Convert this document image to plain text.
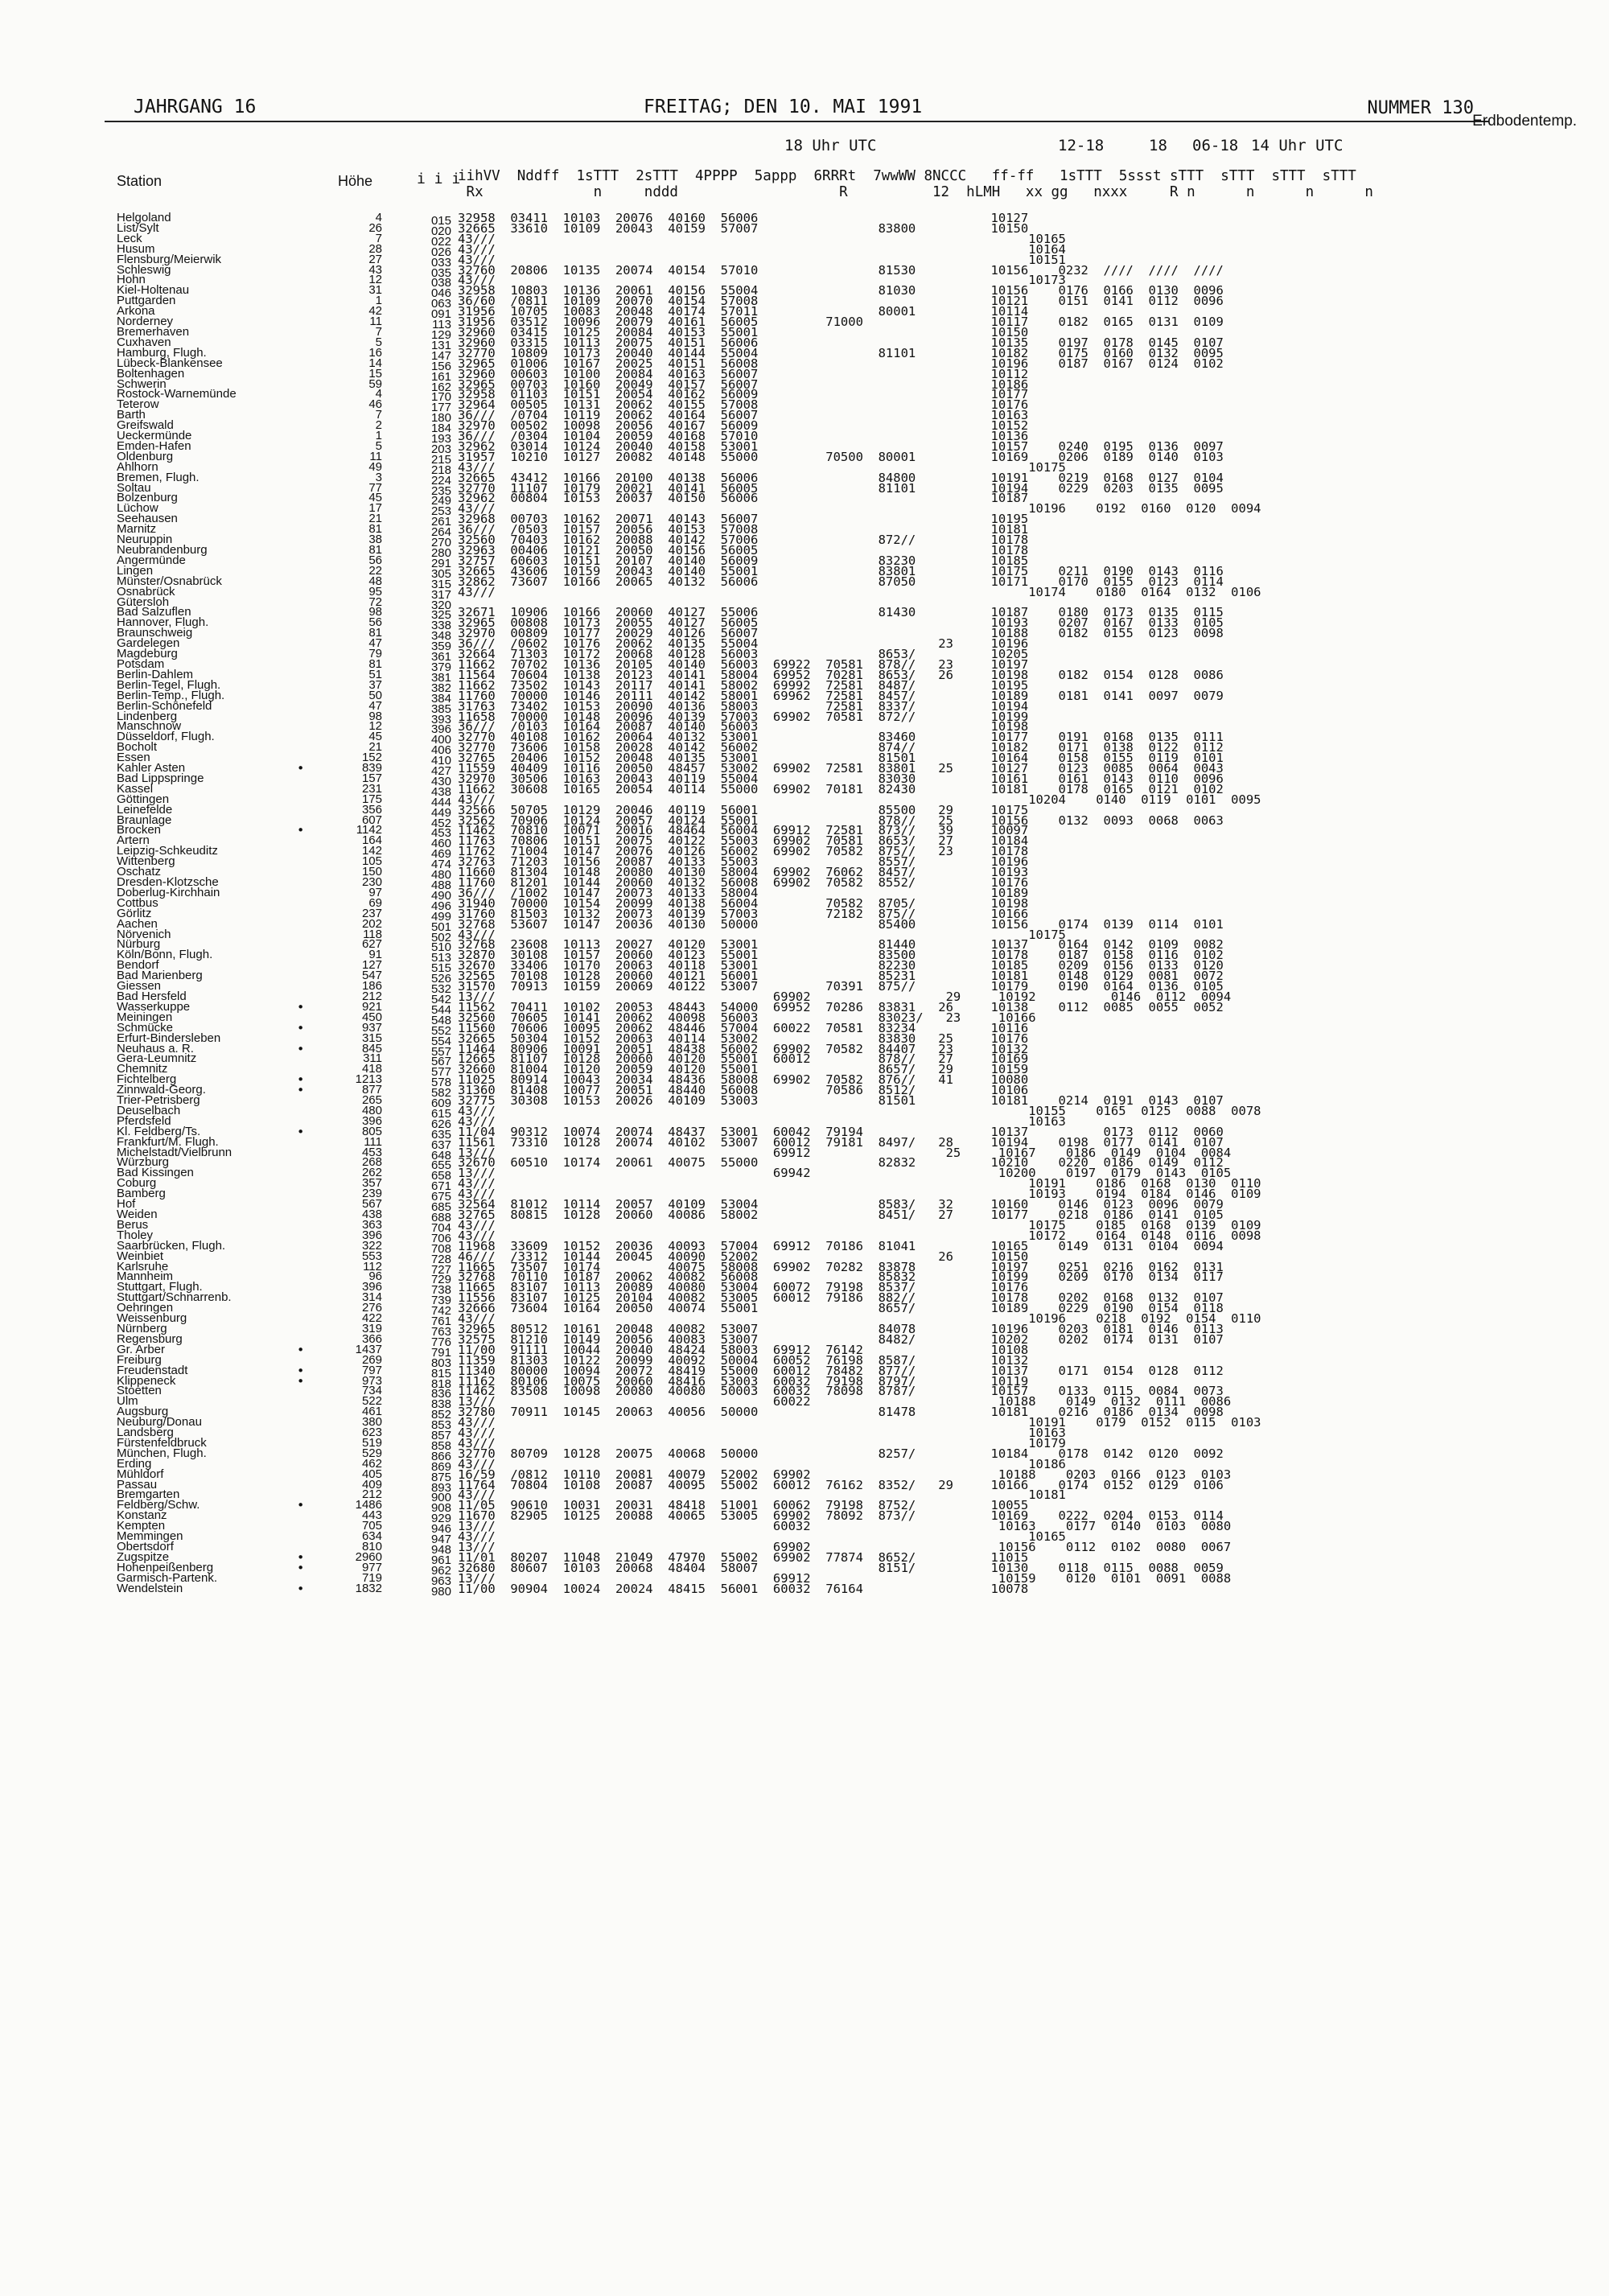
JAHRGANG 16	FREITAG; DEN 10. MAI 1991	NUMMER 130
Erdbodentemp.
18 Uhr UTC	12-18	18 06-18 14 Uhr UTC
Station	Höhe	i i i
iihVV  Nddff  1sTTT  2sTTT  4PPPP  5appp  6RRRt  7wwWW 8NCCC   ff-ff   1sTTT  5ssst sTTT  sTTT  sTTT  sTTT
Rx             n     nddd                   R          12  hLMH   xx gg   nxxx     R n      n      n      n
Helgoland	4	015 32958  03411  10103  20076  40160  56006                               10127
List/Sylt	26	020 32665  33610  10109  20043  40159  57007                83800          10150
Leck	7	022 43///                                                                       10165
Husum	28	026 43///                                                                       10164
Flensburg/Meierwik	27	033 43///                                                                       10151
Schleswig	43	035 32760  20806  10135  20074  40154  57010                81530          10156    0232  ////  ////  ////
Hohn	12	038 43///                                                                       10173
Kiel-Holtenau	31	046 32958  10803  10136  20061  40156  55004                81030          10156    0176  0166  0130  0096
Puttgarden	1	063 36/60  /0811  10109  20070  40154  57008                               10121    0151  0141  0112  0096
Arkona	42	091 31956  10705  10083  20048  40174  57011                80001          10114
Norderney	11	113 31956  03512  10096  20079  40161  56005         71000                 10117    0182  0165  0131  0109
Bremerhaven	7	129 32960  03415  10125  20084  40153  55001                               10150
Cuxhaven	5	131 32960  03315  10113  20075  40151  56006                               10135    0197  0178  0145  0107
Hamburg, Flugh.	16	147 32770  10809  10173  20040  40144  55004                81101          10182    0175  0160  0132  0095
Lübeck-Blankensee	14	156 32965  01006  10167  20025  40151  56008                               10196    0187  0167  0124  0102
Boltenhagen	15	161 32960  00603  10100  20084  40163  56007                               10112
Schwerin	59	162 32965  00703  10160  20049  40157  56007                               10186
Rostock-Warnemünde	4	170 32958  01103  10151  20054  40162  56009                               10177
Teterow	46	177 32964  00505  10131  20062  40155  57008                               10176
Barth	7	180 36///  /0704  10119  20062  40164  56007                               10163
Greifswald	2	184 32970  00502  10098  20056  40167  56009                               10152
Ueckermünde	1	193 36///  /0304  10104  20059  40168  57010                               10136
Emden-Hafen	5	203 32962  03014  10124  20040  40158  53001                               10157    0240  0195  0136  0097
Oldenburg	11	215 31957  10210  10127  20082  40148  55000         70500  80001          10169    0206  0189  0140  0103
Ahlhorn	49	218 43///                                                                       10175
Bremen, Flugh.	3	224 32665  43412  10166  20100  40138  56006                84800          10191    0219  0168  0127  0104
Soltau	77	235 32770  11107  10179  20021  40141  56005                81101          10194    0229  0203  0135  0095
Bolzenburg	45	249 32962  00804  10153  20037  40150  56006                               10187
Lüchow	17	253 43///                                                                       10196    0192  0160  0120  0094
Seehausen	21	261 32968  00703  10162  20071  40143  56007                               10195
Marnitz	81	264 36///  /0503  10157  20056  40153  57008                               10181
Neuruppin	38	270 32560  70403  10162  20088  40142  57006                872//          10178
Neubrandenburg	81	280 32963  00406  10121  20050  40156  56005                               10178
Angermünde	56	291 32757  60603  10151  20107  40140  56009                83230          10185
Lingen	22	305 32665  43606  10159  20043  40140  55001                83801          10175    0211  0190  0143  0116
Münster/Osnabrück	48	315 32862  73607  10166  20065  40132  56006                87050          10171    0170  0155  0123  0114
Osnabrück	95	317 43///                                                                       10174    0180  0164  0132  0106
Gütersloh	72	320
Bad Salzuflen	98	325 32671  10906  10166  20060  40127  55006                81430          10187    0180  0173  0135  0115
Hannover, Flugh.	56	338 32965  00808  10173  20055  40127  56005                               10193    0207  0167  0133  0105
Braunschweig	81	348 32970  00809  10177  20029  40126  56007                               10188    0182  0155  0123  0098
Gardelegen	47	359 36///  /0602  10176  20062  40135  55004                        23     10196
Magdeburg	79	361 32664  71303  10172  20068  40128  56003                8653/          10205
Potsdam	81	379 11662  70702  10136  20105  40140  56003  69922  70581  878//   23     10197
Berlin-Dahlem	51	381 11564  70604  10138  20123  40141  58004  69952  70281  8653/   26     10198    0182  0154  0128  0086
Berlin-Tegel, Flugh.	37	382 11662  73502  10143  20117  40141  58002  69992  72581  8487/          10195
Berlin-Temp., Flugh.	50	384 11760  70000  10146  20111  40142  58001  69962  72581  8457/          10189    0181  0141  0097  0079
Berlin-Schönefeld	47	385 31763  73402  10153  20090  40136  58003         72581  8337/          10194
Lindenberg	98	393 11658  70000  10148  20096  40139  57003  69902  70581  872//          10199
Manschnow	12	396 36///  /0103  10164  20087  40140  56003                               10198
Düsseldorf, Flugh.	45	400 32770  40108  10162  20064  40132  53001                83460          10177    0191  0168  0135  0111
Bocholt	21	406 32770  73606  10158  20028  40142  56002                874//          10182    0171  0138  0122  0112
Essen	152	410 32765  20406  10152  20048  40135  53001                81501          10164    0158  0155  0119  0101
Kahler Asten	•	839	427 11559  40409  10116  20050  48457  53002  69902  72581  83801   25     10127    0123  0085  0064  0043
Bad Lippspringe	157	430 32970  30506  10163  20043  40119  55004                83030          10161    0161  0143  0110  0096
Kassel	231	438 11662  30608  10165  20054  40114  55000  69902  70181  82430          10181    0178  0165  0121  0102
Göttingen	175	444 43///                                                                       10204    0140  0119  0101  0095
Leinefelde	356	449 32566  50705  10129  20046  40119  56001                85500   29     10175
Braunlage	607	452 32562  70906  10124  20057  40124  55001                878//   25     10156    0132  0093  0068  0063
Brocken	•	1142	453 11462  70810  10071  20016  48464  56004  69912  72581  873//   39     10097
Artern	164	460 11763  70806  10151  20075  40122  55003  69902  70581  8653/   27     10184
Leipzig-Schkeuditz	142	469 11762  71004  10147  20076  40126  56002  69902  70582  875//   23     10178
Wittenberg	105	474 32763  71203  10156  20087  40133  55003                8557/          10196
Oschatz	150	480 11660  81304  10148  20080  40130  58004  69902  76062  8457/          10193
Dresden-Klotzsche	230	488 11760  81201  10144  20060  40132  56008  69902  70582  8552/          10176
Doberlug-Kirchhain	97	490 36///  /1002  10147  20073  40133  58004                               10189
Cottbus	69	496 31940  70000  10154  20099  40138  56004         70582  8705/          10198
Görlitz	237	499 31760  81503  10132  20073  40139  57003         72182  875//          10166
Aachen	202	501 32768  53607  10147  20036  40130  50000                85400          10156    0174  0139  0114  0101
Nörvenich	118	502 43///                                                                       10175
Nürburg	627	510 32768  23608  10113  20027  40120  53001                81440          10137    0164  0142  0109  0082
Köln/Bonn, Flugh.	91	513 32870  30108  10157  20060  40123  55001                83500          10178    0187  0158  0116  0102
Bendorf	127	515 32670  33406  10170  20063  40118  53001                82230          10185    0209  0156  0133  0120
Bad Marienberg	547	526 32565  70108  10128  20060  40121  56001                85231          10181    0148  0129  0081  0072
Giessen	186	532 31570  70913  10159  20069  40122  53007         70391  875//          10179    0190  0164  0136  0105
Bad Hersfeld	212	542 13///                                     69902                  29     10192          0146  0112  0094
Wasserkuppe	•	921	544 11562  70411  10102  20053  48443  54000  69952  70286  83831   26     10138    0112  0085  0055  0052
Meiningen	450	548 32560  70605  10141  20062  40098  56003                83023/   23     10166
Schmücke	•	937	552 11560  70606  10095  20062  48446  57004  60022  70581  83234          10116
Erfurt-Bindersleben	315	554 32665  50304  10152  20063  40114  53002                83830   25     10176
Neuhaus a. R.	•	845	557 11464  80906  10091  20051  48438  56002  69902  70582  84407   23     10132
Gera-Leumnitz	311	567 12665  81107  10128  20060  40120  55001  60012         878//   27     10169
Chemnitz	418	577 32660  81004  10120  20059  40120  55001                8657/   29     10159
Fichtelberg	•	1213	578 11025  80914  10043  20034  48436  58008  69902  70582  876//   41     10080
Zinnwald-Georg.	•	877	582 31360  81408  10077  20051  48440  56008         70586  8512/          10106
Trier-Petrisberg	265	609 32775  30308  10153  20026  40109  53003                81501          10181    0214  0191  0143  0107
Deuselbach	480	615 43///                                                                       10155    0165  0125  0088  0078
Pferdsfeld	396	626 43///                                                                       10163
Kl. Feldberg/Ts.	•	805	635 11/04  90312  10074  20074  48437  53001  60042  79194                 10137          0173  0112  0060
Frankfurt/M. Flugh.	111	637 11561  73310  10128  20074  40102  53007  60012  79181  8497/   28     10194    0198  0177  0141  0107
Michelstadt/Vielbrunn	453	648 13///                                     69912                  25     10167    0186  0149  0104  0084
Würzburg	268	655 32670  60510  10174  20061  40075  55000                82832          10210    0220  0186  0149  0112
Bad Kissingen	262	658 13///                                     69942                         10200    0197  0179  0143  0105
Coburg	357	671 43///                                                                       10191    0186  0168  0130  0110
Bamberg	239	675 43///                                                                       10193    0194  0184  0146  0109
Hof	567	685 32564  81012  10114  20057  40109  53004                8583/   32     10160    0146  0123  0096  0079
Weiden	438	688 32765  80815  10128  20060  40086  58002                8451/   27     10177    0218  0186  0141  0105
Berus	363	704 43///                                                                       10175    0185  0168  0139  0109
Tholey	396	706 43///                                                                       10172    0164  0148  0116  0098
Saarbrücken, Flugh.	322	708 11968  33609  10152  20036  40093  57004  69912  70186  81041          10165    0149  0131  0104  0094
Weinbiet	553	728 46///  /3312  10144  20045  40090  52002                        26     10150
Karlsruhe	112	727 11665  73507  10174         40075  58008  69902  70282  83878          10197    0251  0216  0162  0131
Mannheim	96	729 32768  70110  10187  20062  40082  56008                85832          10199    0209  0170  0134  0117
Stuttgart, Flugh.	396	738 11665  83107  10113  20089  40080  53004  60072  79198  8537/          10176
Stuttgart/Schnarrenb.	314	739 11556  83107  10125  20104  40082  53005  60012  79186  882//          10178    0202  0168  0132  0107
Oehringen	276	742 32666  73604  10164  20050  40074  55001                8657/          10189    0229  0190  0154  0118
Weissenburg	422	761 43///                                                                       10196    0218  0192  0154  0110
Nürnberg	319	763 32965  80512  10161  20048  40082  53007                84078          10196    0203  0181  0146  0113
Regensburg	366	776 32575  81210  10149  20056  40083  53007                8482/          10202    0202  0174  0131  0107
Gr. Arber	•	1437	791 11/00  91111  10044  20040  48424  58003  69912  76142                 10108
Freiburg	269	803 11359  81303  10122  20099  40092  50004  60052  76198  8587/          10132
Freudenstadt	•	797	815 11340  80000  10094  20072  48419  55000  60012  78482  877//          10137    0171  0154  0128  0112
Klippeneck	•	973	818 11162  80106  10075  20060  48416  53003  60032  79198  8797/          10119
Stoetten	734	836 11462  83508  10098  20080  40080  50003  60032  78098  8787/          10157    0133  0115  0084  0073
Ulm	522	838 13///                                     60022                         10188    0149  0132  0111  0086
Augsburg	461	852 32780  70911  10145  20063  40056  50000                81478          10181    0216  0186  0134  0098
Neuburg/Donau	380	853 43///                                                                       10191    0179  0152  0115  0103
Landsberg	623	857 43///                                                                       10163
Fürstenfeldbruck	519	858 43///                                                                       10179
München, Flugh.	529	866 32770  80709  10128  20075  40068  50000                8257/          10184    0178  0142  0120  0092
Erding	462	869 43///                                                                       10186
Mühldorf	405	875 16/59  /0812  10110  20081  40079  52002  69902                         10188    0203  0166  0123  0103
Passau	409	893 11764  70804  10108  20087  40095  55002  60012  76162  8352/   29     10166    0174  0152  0129  0106
Bremgarten	212	900 43///                                                                       10181
Feldberg/Schw.	•	1486	908 11/05  90610  10031  20031  48418  51001  60062  79198  8752/          10055
Konstanz	443	929 11670  82905  10125  20088  40065  53005  69902  78092  873//          10169    0222  0204  0153  0114
Kempten	705	946 13///                                     60032                         10163    0177  0140  0103  0080
Memmingen	634	947 43///                                                                       10165
Obertsdorf	810	948 13///                                     69902                         10156    0112  0102  0080  0067
Zugspitze	•	2960	961 11/01  80207  11048  21049  47970  55002  69902  77874  8652/          11015
Hohenpeißenberg	•	977	962 32680  80607  10103  20068  48404  58007                8151/          10130    0118  0115  0088  0059
Garmisch-Partenk.	719	963 13///                                     69912                         10159    0120  0101  0091  0088
Wendelstein	•	1832	980 11/00  90904  10024  20024  48415  56001  60032  76164                 10078
